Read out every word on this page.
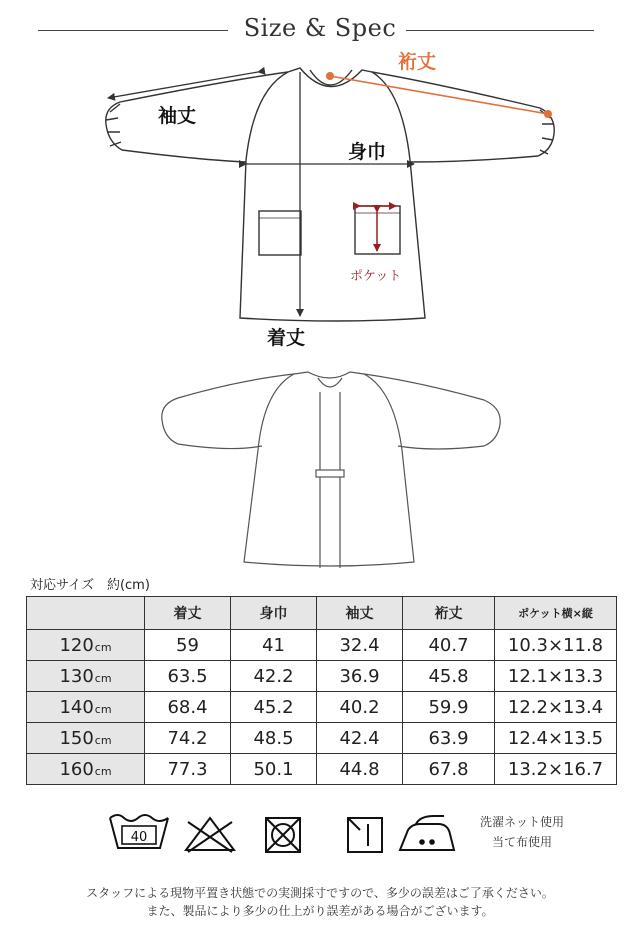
Size & Spec
裄丈
袖丈
身巾
ポケット
着丈
対応サイズ　約(cm)
	着丈	身巾	袖丈	裄丈	ポケット横×縦
120cm	59	41	32.4	40.7	10.3×11.8
130cm	63.5	42.2	36.9	45.8	12.1×13.3
140cm	68.4	45.2	40.2	59.9	12.2×13.4
150cm	74.2	48.5	42.4	63.9	12.4×13.5
160cm	77.3	50.1	44.8	67.8	13.2×16.7
40
洗濯ネット使用
当て布使用
スタッフによる現物平置き状態での実測採寸ですので、多少の誤差はご了承ください。
また、製品により多少の仕上がり誤差がある場合がございます。
